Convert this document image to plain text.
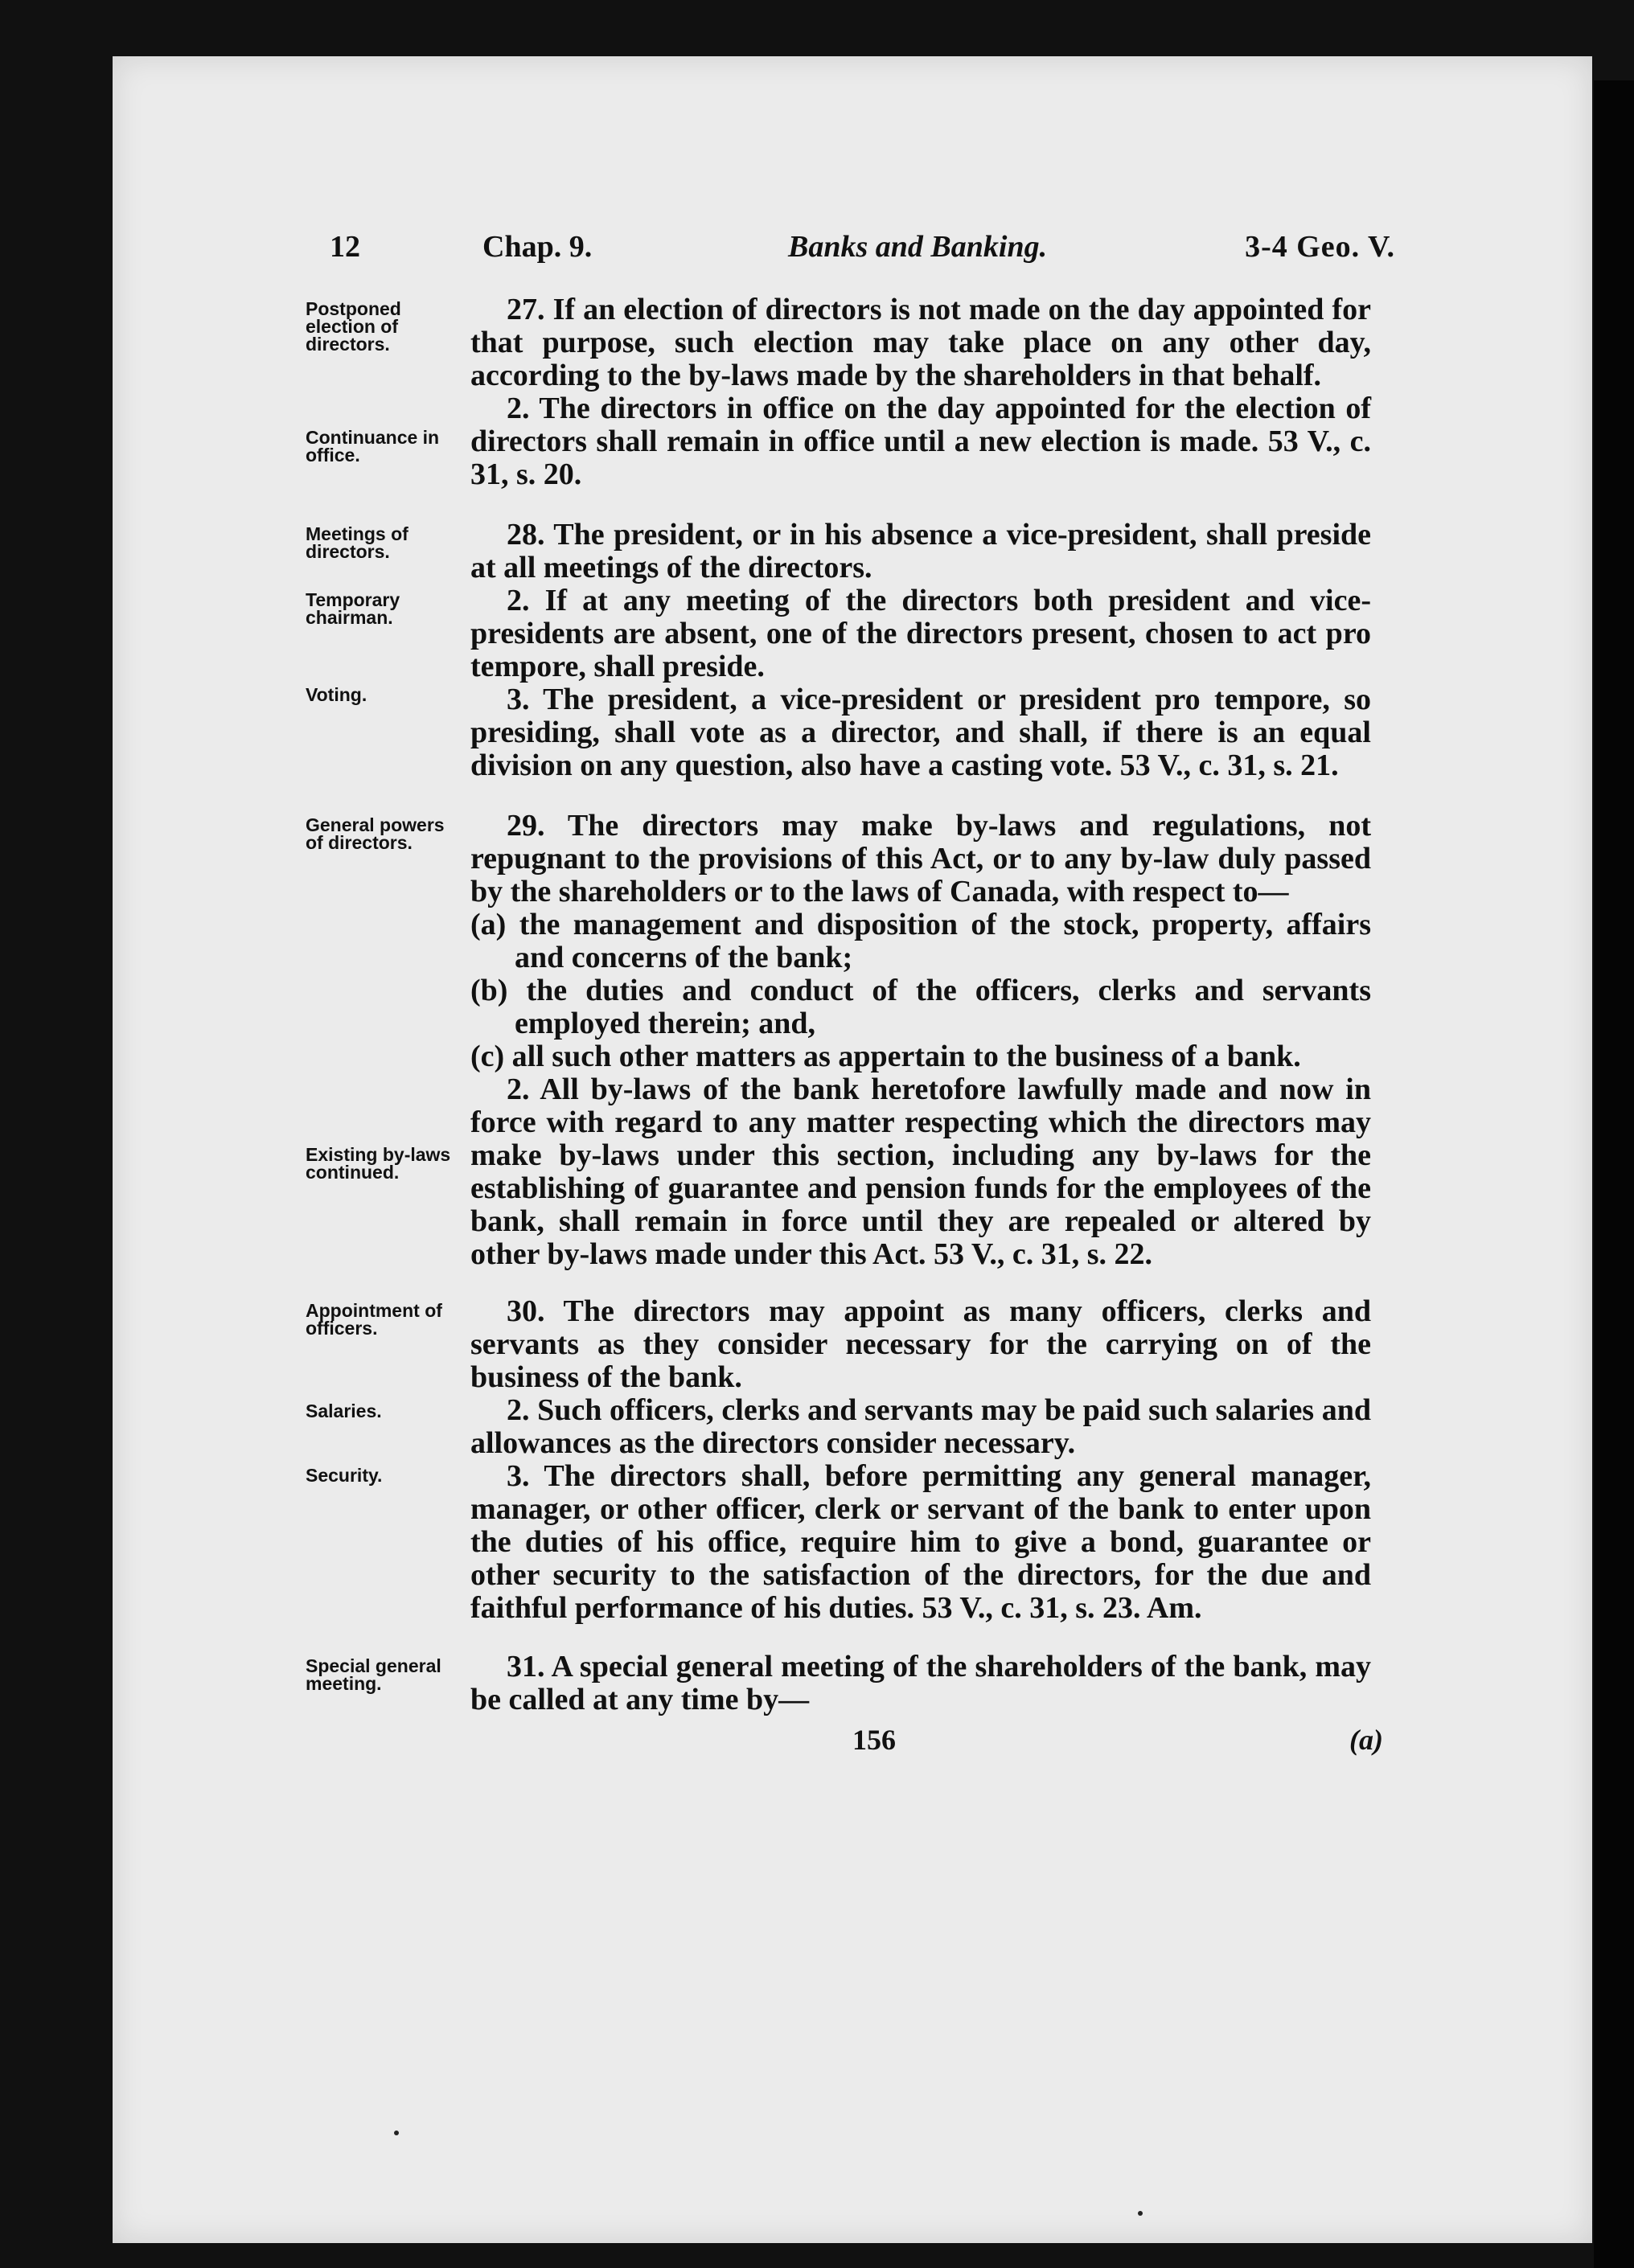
12	Chap. 9.	Banks and Banking.	3-4 Geo. V.
Postponed election of directors.
Continuance in office.

27. If an election of directors is not made on the day appointed for that purpose, such election may take place on any other day, according to the by-laws made by the shareholders in that behalf.

2. The directors in office on the day appointed for the election of directors shall remain in office until a new election is made. 53 V., c. 31, s. 20.

Meetings of directors.
Temporary chairman.
Voting.

28. The president, or in his absence a vice-president, shall preside at all meetings of the directors.

2. If at any meeting of the directors both president and vice-presidents are absent, one of the directors present, chosen to act pro tempore, shall preside.

3. The president, a vice-president or president pro tempore, so presiding, shall vote as a director, and shall, if there is an equal division on any question, also have a casting vote. 53 V., c. 31, s. 21.

General powers of directors.
Existing by-laws continued.

29. The directors may make by-laws and regulations, not repugnant to the provisions of this Act, or to any by-law duly passed by the shareholders or to the laws of Canada, with respect to—

(a) the management and disposition of the stock, property, affairs and concerns of the bank;

(b) the duties and conduct of the officers, clerks and servants employed therein; and,

(c) all such other matters as appertain to the business of a bank.

2. All by-laws of the bank heretofore lawfully made and now in force with regard to any matter respecting which the directors may make by-laws under this section, including any by-laws for the establishing of guarantee and pension funds for the employees of the bank, shall remain in force until they are repealed or altered by other by-laws made under this Act. 53 V., c. 31, s. 22.

Appointment of officers.
Salaries.
Security.

30. The directors may appoint as many officers, clerks and servants as they consider necessary for the carrying on of the business of the bank.

2. Such officers, clerks and servants may be paid such salaries and allowances as the directors consider necessary.

3. The directors shall, before permitting any general manager, manager, or other officer, clerk or servant of the bank to enter upon the duties of his office, require him to give a bond, guarantee or other security to the satisfaction of the directors, for the due and faithful performance of his duties. 53 V., c. 31, s. 23. Am.

Special general meeting.	31. A special general meeting of the shareholders of the bank, may be called at any time by—

156	(a)
